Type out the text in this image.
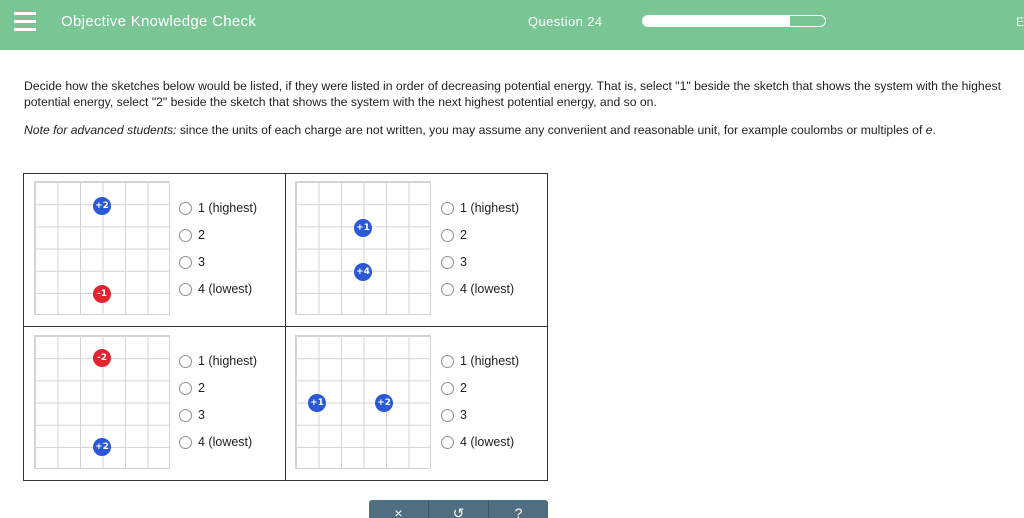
Objective Knowledge Check	Question 24	E
Decide how the sketches below would be listed, if they were listed in order of decreasing potential energy. That is, select "1" beside the sketch that shows the system with the highest potential energy, select "2" beside the sketch that shows the system with the next highest potential energy, and so on.
Note for advanced students: since the units of each charge are not written, you may assume any convenient and reasonable unit, for example coulombs or multiples of e.
+2
-1
1 (highest)
2
3
4 (lowest)
+1
+4
1 (highest)
2
3
4 (lowest)
-2
+2
1 (highest)
2
3
4 (lowest)
+1	+2
1 (highest)
2
3
4 (lowest)
×	↺	?
